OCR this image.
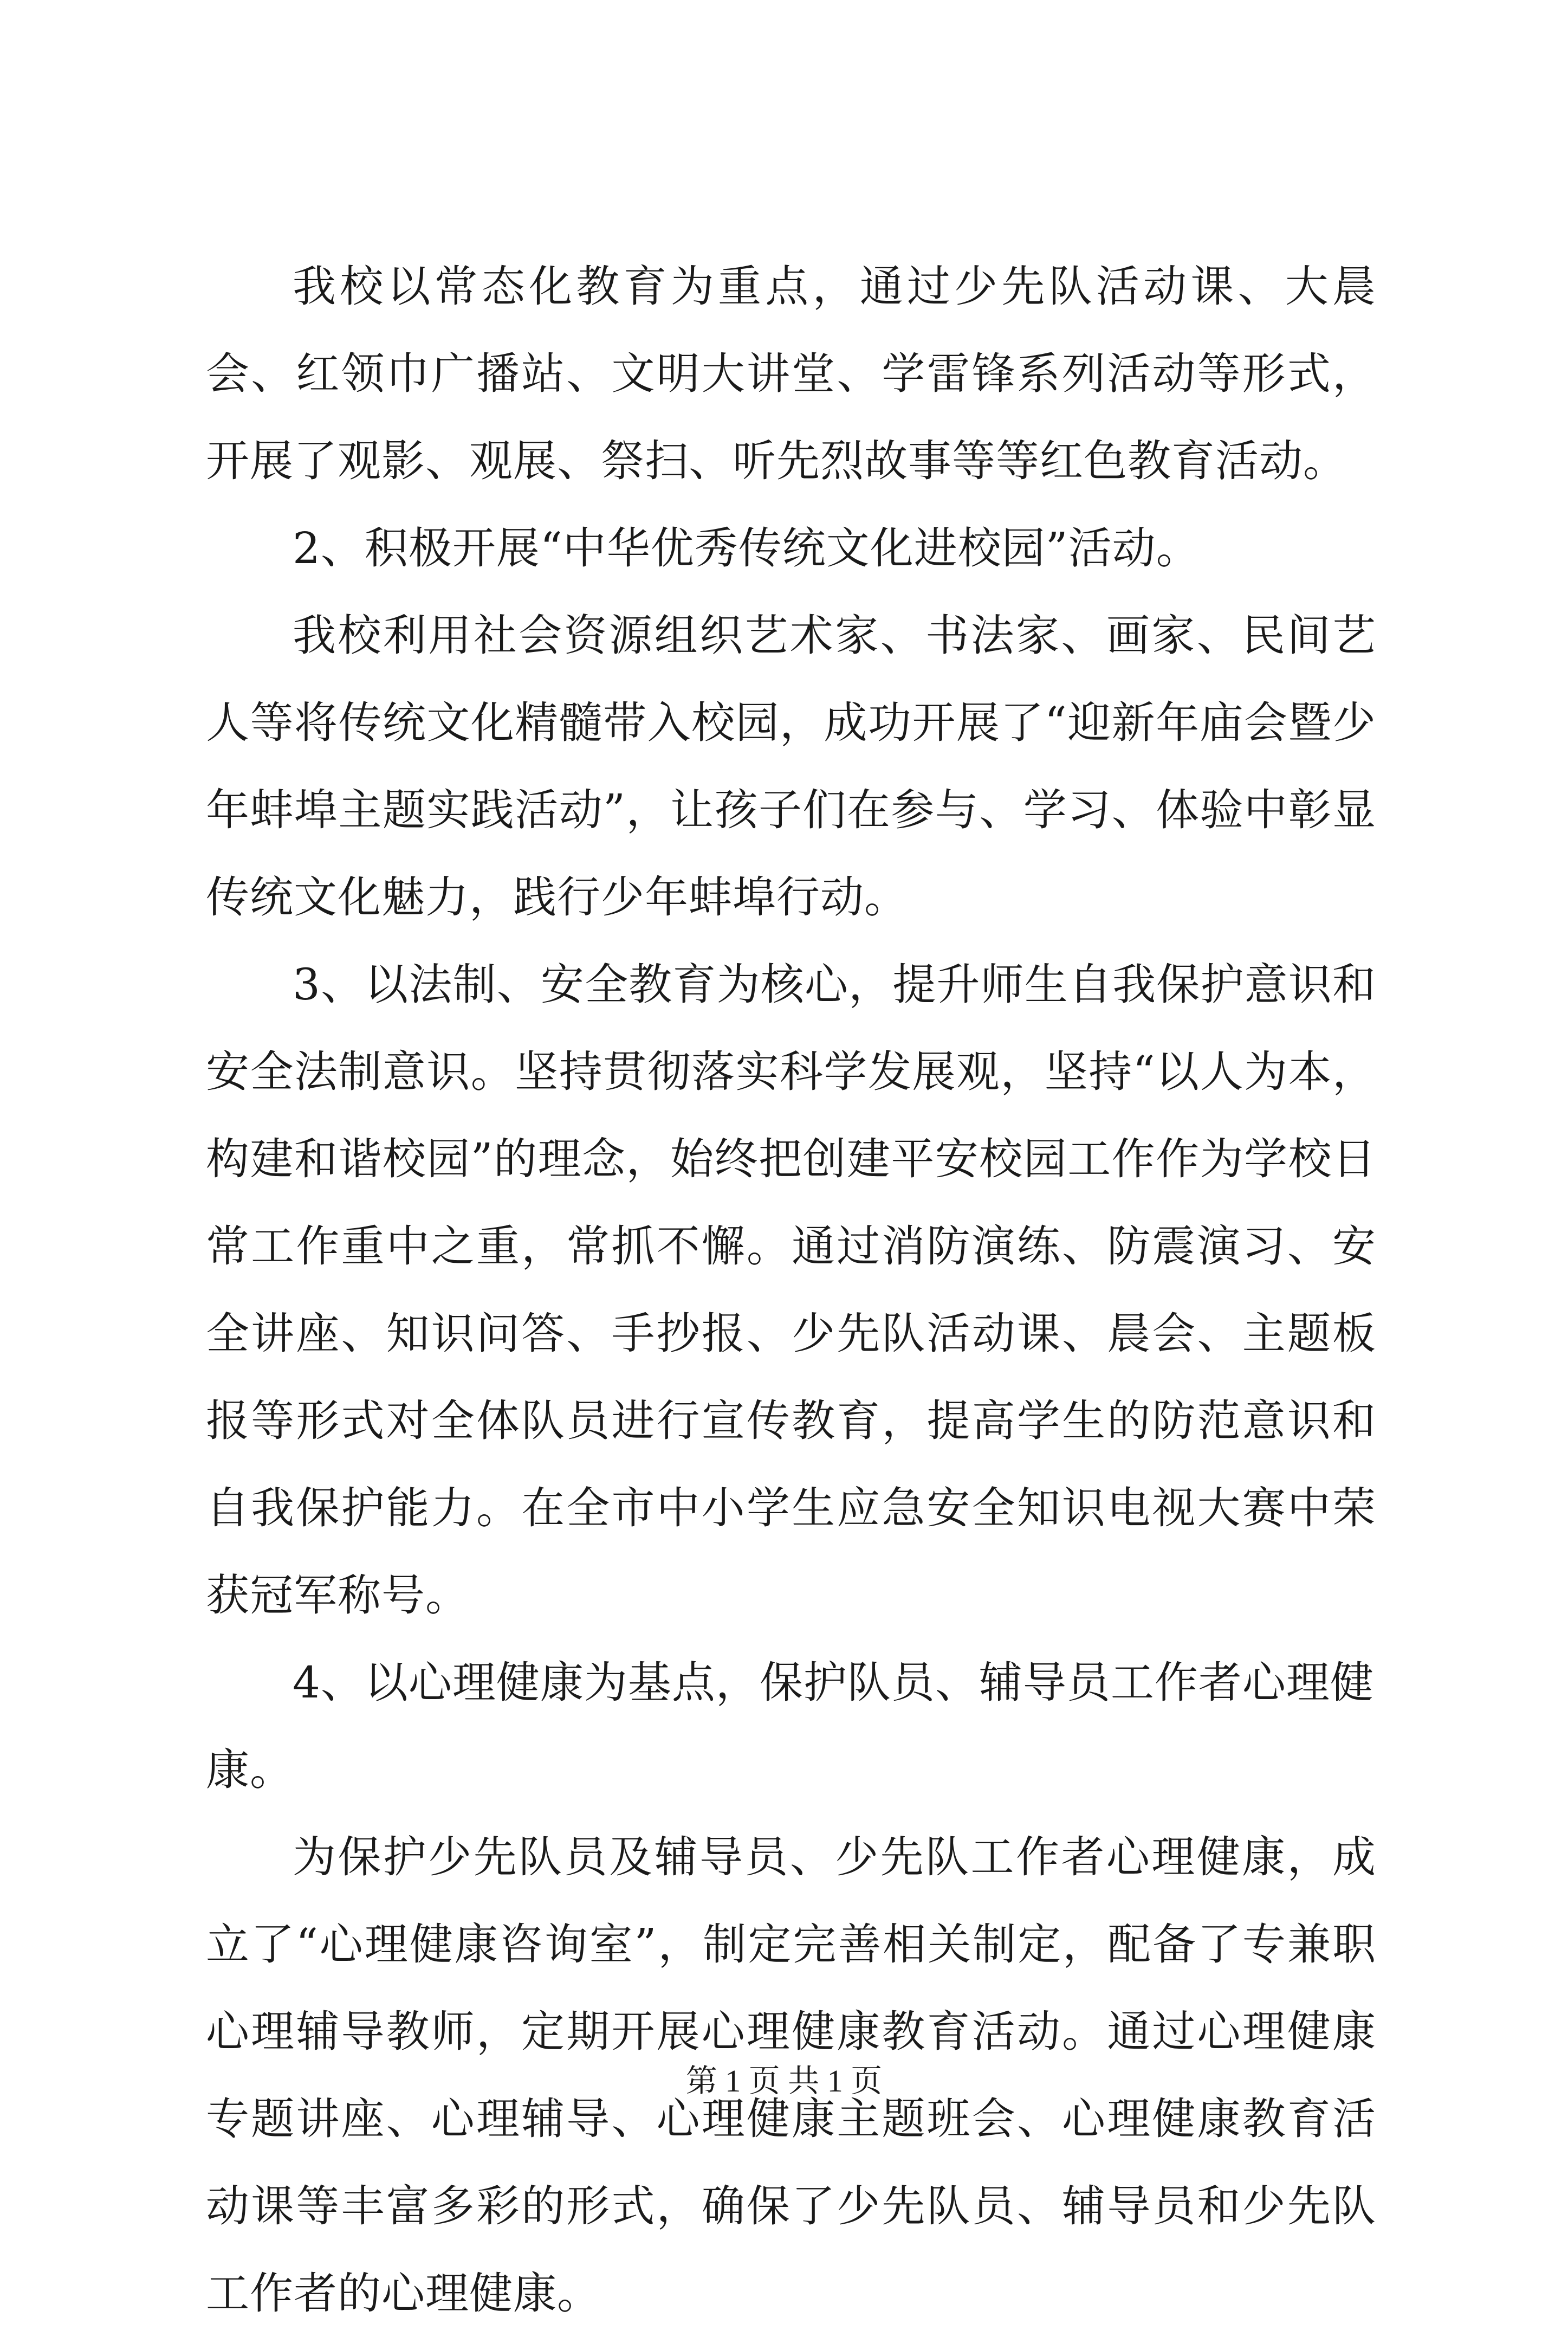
我校以常态化教育为重点，通过少先队活动课、大晨会、红领巾广播站、文明大讲堂、学雷锋系列活动等形式，开展了观影、观展、祭扫、听先烈故事等等红色教育活动。

2、积极开展“中华优秀传统文化进校园”活动。

我校利用社会资源组织艺术家、书法家、画家、民间艺人等将传统文化精髓带入校园，成功开展了“迎新年庙会暨少年蚌埠主题实践活动”，让孩子们在参与、学习、体验中彰显传统文化魅力，践行少年蚌埠行动。

3、以法制、安全教育为核心，提升师生自我保护意识和安全法制意识。坚持贯彻落实科学发展观，坚持“以人为本，构建和谐校园”的理念，始终把创建平安校园工作作为学校日常工作重中之重，常抓不懈。通过消防演练、防震演习、安全讲座、知识问答、手抄报、少先队活动课、晨会、主题板报等形式对全体队员进行宣传教育，提高学生的防范意识和自我保护能力。在全市中小学生应急安全知识电视大赛中荣获冠军称号。

4、以心理健康为基点，保护队员、辅导员工作者心理健康。

为保护少先队员及辅导员、少先队工作者心理健康，成立了“心理健康咨询室”，制定完善相关制定，配备了专兼职心理辅导教师，定期开展心理健康教育活动。通过心理健康专题讲座、心理辅导、心理健康主题班会、心理健康教育活动课等丰富多彩的形式，确保了少先队员、辅导员和少先队工作者的心理健康。

第 1 页 共 1 页
